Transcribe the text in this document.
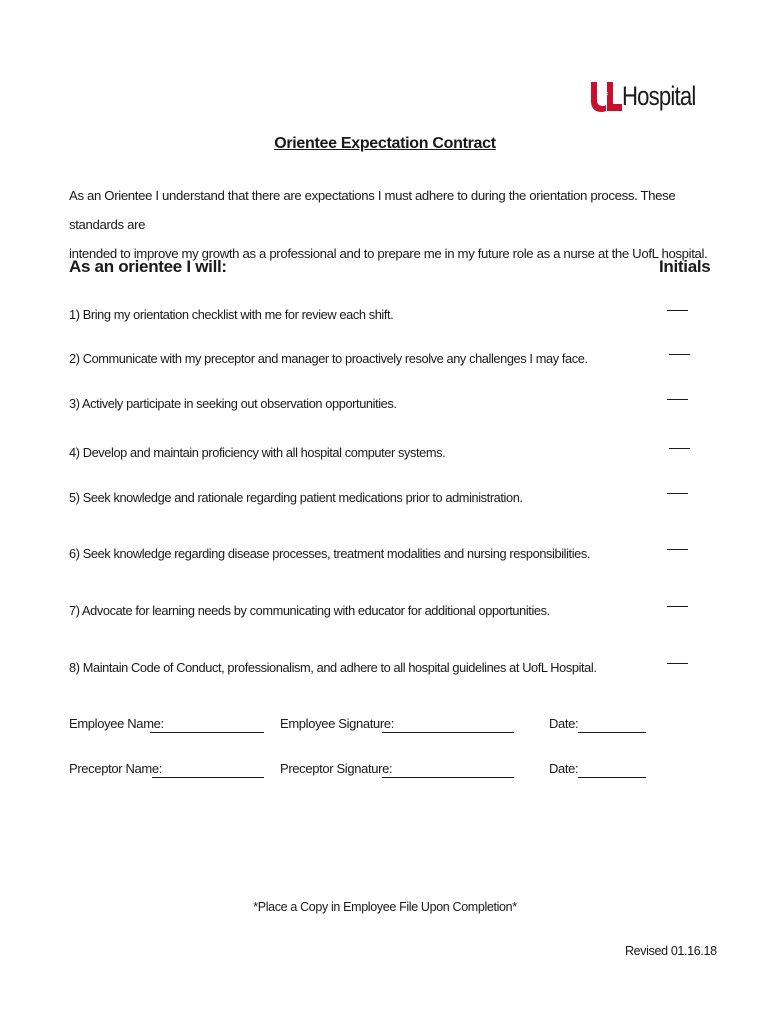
OF Hospital
Orientee Expectation Contract
As an Orientee I understand that there are expectations I must adhere to during the orientation process. These standards are
intended to improve my growth as a professional and to prepare me in my future role as a nurse at the UofL hospital.
As an orientee I will:	Initials
1) Bring my orientation checklist with me for review each shift.
2) Communicate with my preceptor and manager to proactively resolve any challenges I may face.
3) Actively participate in seeking out observation opportunities.
4) Develop and maintain proficiency with all hospital computer systems.
5) Seek knowledge and rationale regarding patient medications prior to administration.
6) Seek knowledge regarding disease processes, treatment modalities and nursing responsibilities.
7) Advocate for learning needs by communicating with educator for additional opportunities.
8) Maintain Code of Conduct, professionalism, and adhere to all hospital guidelines at UofL Hospital.
Employee Name:	Employee Signature:	Date:
Preceptor Name:	Preceptor Signature:	Date:
*Place a Copy in Employee File Upon Completion*
Revised 01.16.18
